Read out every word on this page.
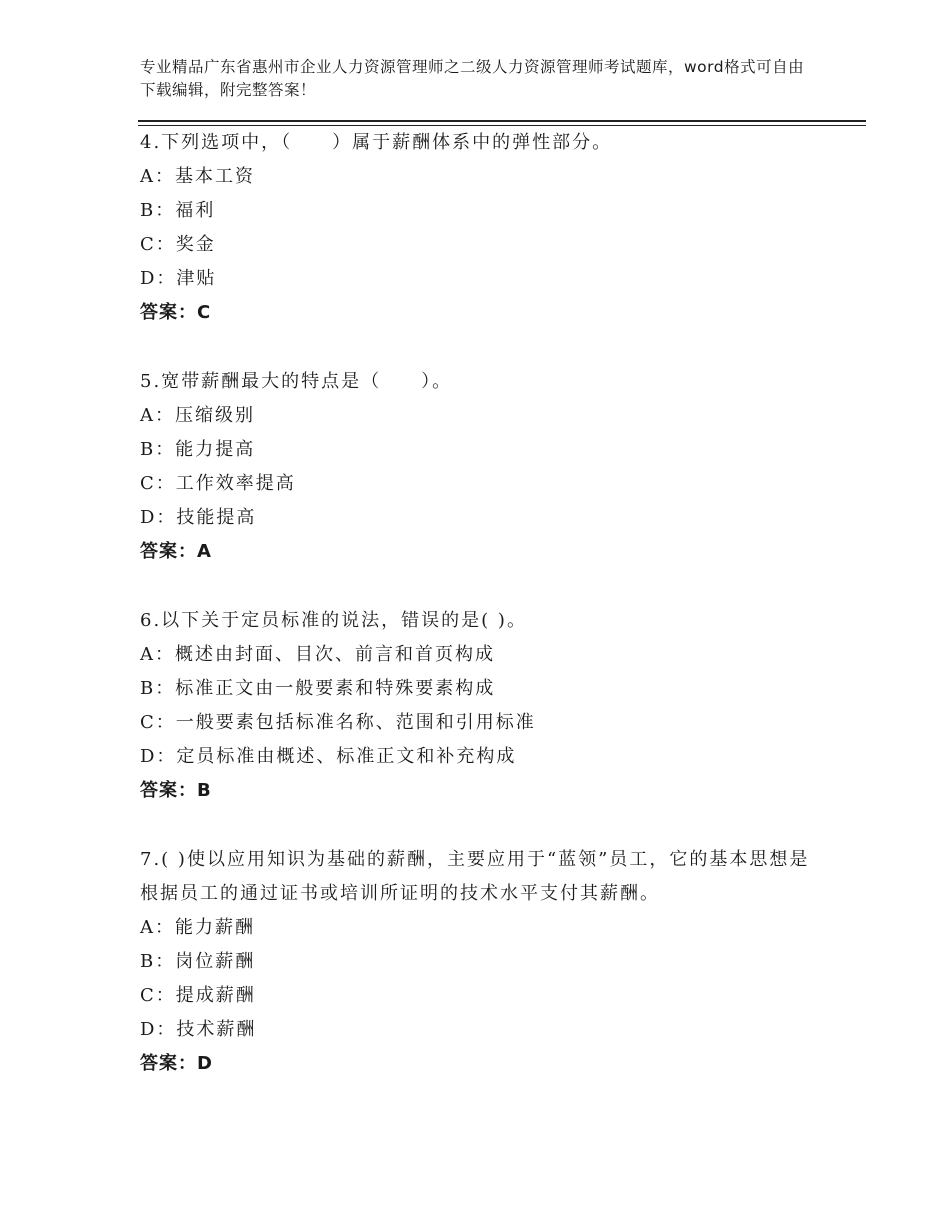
专业精品广东省惠州市企业人力资源管理师之二级人力资源管理师考试题库，word格式可自由下载编辑，附完整答案！
4.下列选项中，（　　）属于薪酬体系中的弹性部分。
A：基本工资
B：福利
C：奖金
D：津贴
答案：C
5.宽带薪酬最大的特点是（　　）。
A：压缩级别
B：能力提高
C：工作效率提高
D：技能提高
答案：A
6.以下关于定员标准的说法，错误的是( )。
A：概述由封面、目次、前言和首页构成
B：标准正文由一般要素和特殊要素构成
C：一般要素包括标准名称、范围和引用标准
D：定员标准由概述、标准正文和补充构成
答案：B
7.( )使以应用知识为基础的薪酬，主要应用于“蓝领”员工，它的基本思想是根据员工的通过证书或培训所证明的技术水平支付其薪酬。
A：能力薪酬
B：岗位薪酬
C：提成薪酬
D：技术薪酬
答案：D
